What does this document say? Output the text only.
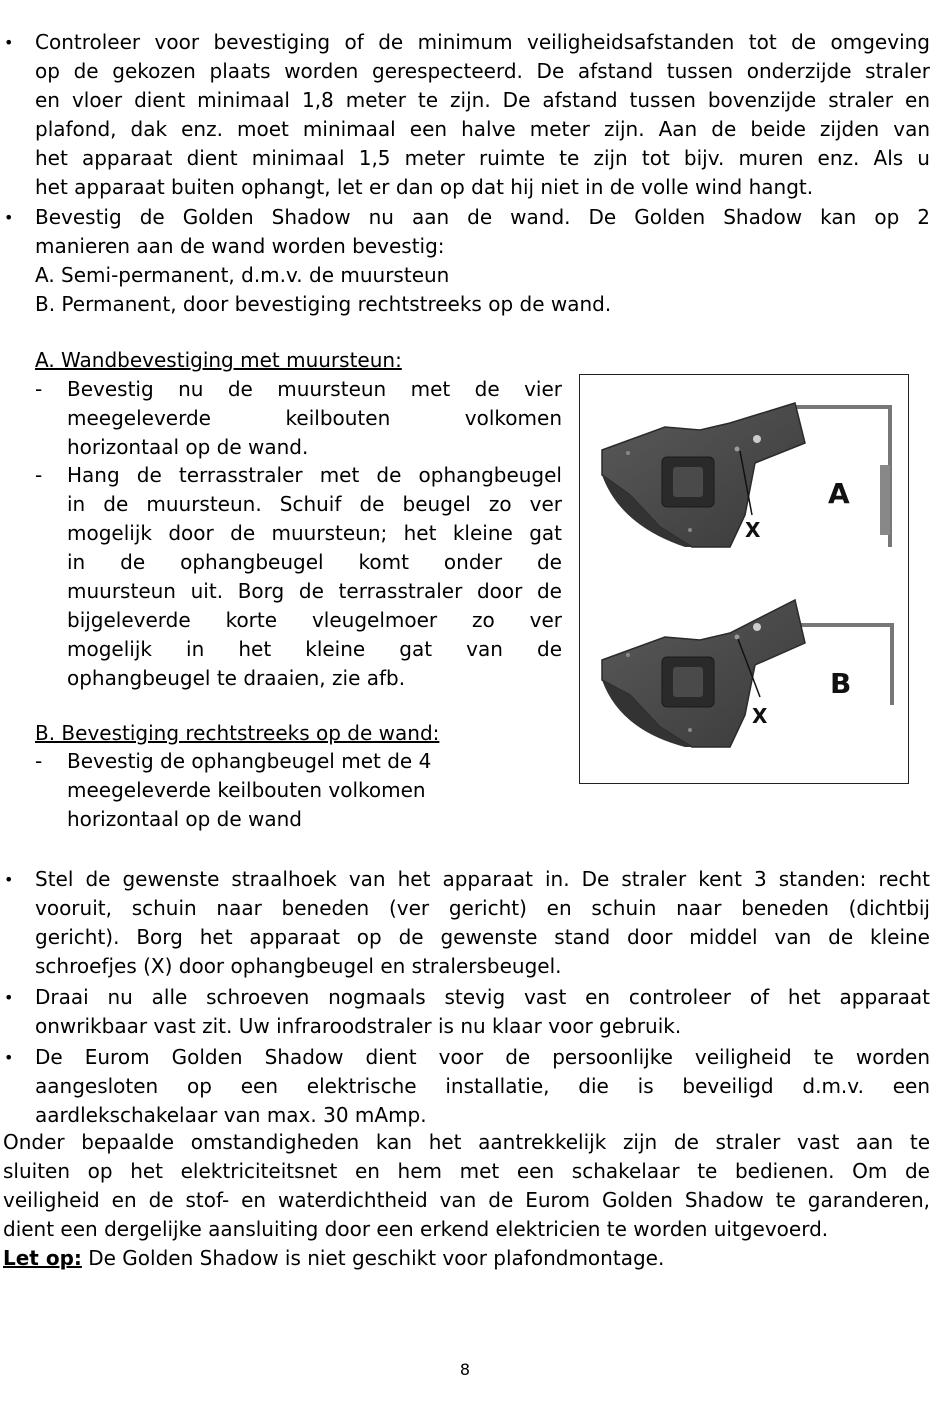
•	Controleer voor bevestiging of de minimum veiligheidsafstanden tot de omgeving
op de gekozen plaats worden gerespecteerd. De afstand tussen onderzijde straler
en vloer dient minimaal 1,8 meter te zijn. De afstand tussen bovenzijde straler en
plafond, dak enz. moet minimaal een halve meter zijn. Aan de beide zijden van
het apparaat dient minimaal 1,5 meter ruimte te zijn tot bijv. muren enz. Als u
het apparaat buiten ophangt, let er dan op dat hij niet in de volle wind hangt.
•	Bevestig de Golden Shadow nu aan de wand. De Golden Shadow kan op 2
manieren aan de wand worden bevestig:
A. Semi-permanent, d.m.v. de muursteun
B. Permanent, door bevestiging rechtstreeks op de wand.
A. Wandbevestiging met muursteun:
- Bevestig nu de muursteun met de vier
meegeleverde keilbouten volkomen
horizontaal op de wand.
- Hang de terrasstraler met de ophangbeugel
in de muursteun. Schuif de beugel zo ver
mogelijk door de muursteun; het kleine gat
in de ophangbeugel komt onder de
muursteun uit. Borg de terrasstraler door de
bijgeleverde korte vleugelmoer zo ver
mogelijk in het kleine gat van de
ophangbeugel te draaien, zie afb.
B. Bevestiging rechtstreeks op de wand:
- Bevestig de ophangbeugel met de 4
meegeleverde keilbouten volkomen
horizontaal op de wand
X
A
X
B
•	Stel de gewenste straalhoek van het apparaat in. De straler kent 3 standen: recht
vooruit, schuin naar beneden (ver gericht) en schuin naar beneden (dichtbij
gericht). Borg het apparaat op de gewenste stand door middel van de kleine
schroefjes (X) door ophangbeugel en stralersbeugel.
•	Draai nu alle schroeven nogmaals stevig vast en controleer of het apparaat
onwrikbaar vast zit. Uw infraroodstraler is nu klaar voor gebruik.
•	De Eurom Golden Shadow dient voor de persoonlijke veiligheid te worden
aangesloten op een elektrische installatie, die is beveiligd d.m.v. een
aardlekschakelaar van max. 30 mAmp.
Onder bepaalde omstandigheden kan het aantrekkelijk zijn de straler vast aan te
sluiten op het elektriciteitsnet en hem met een schakelaar te bedienen. Om de
veiligheid en de stof- en waterdichtheid van de Eurom Golden Shadow te garanderen,
dient een dergelijke aansluiting door een erkend elektricien te worden uitgevoerd.
Let op: De Golden Shadow is niet geschikt voor plafondmontage.
8
